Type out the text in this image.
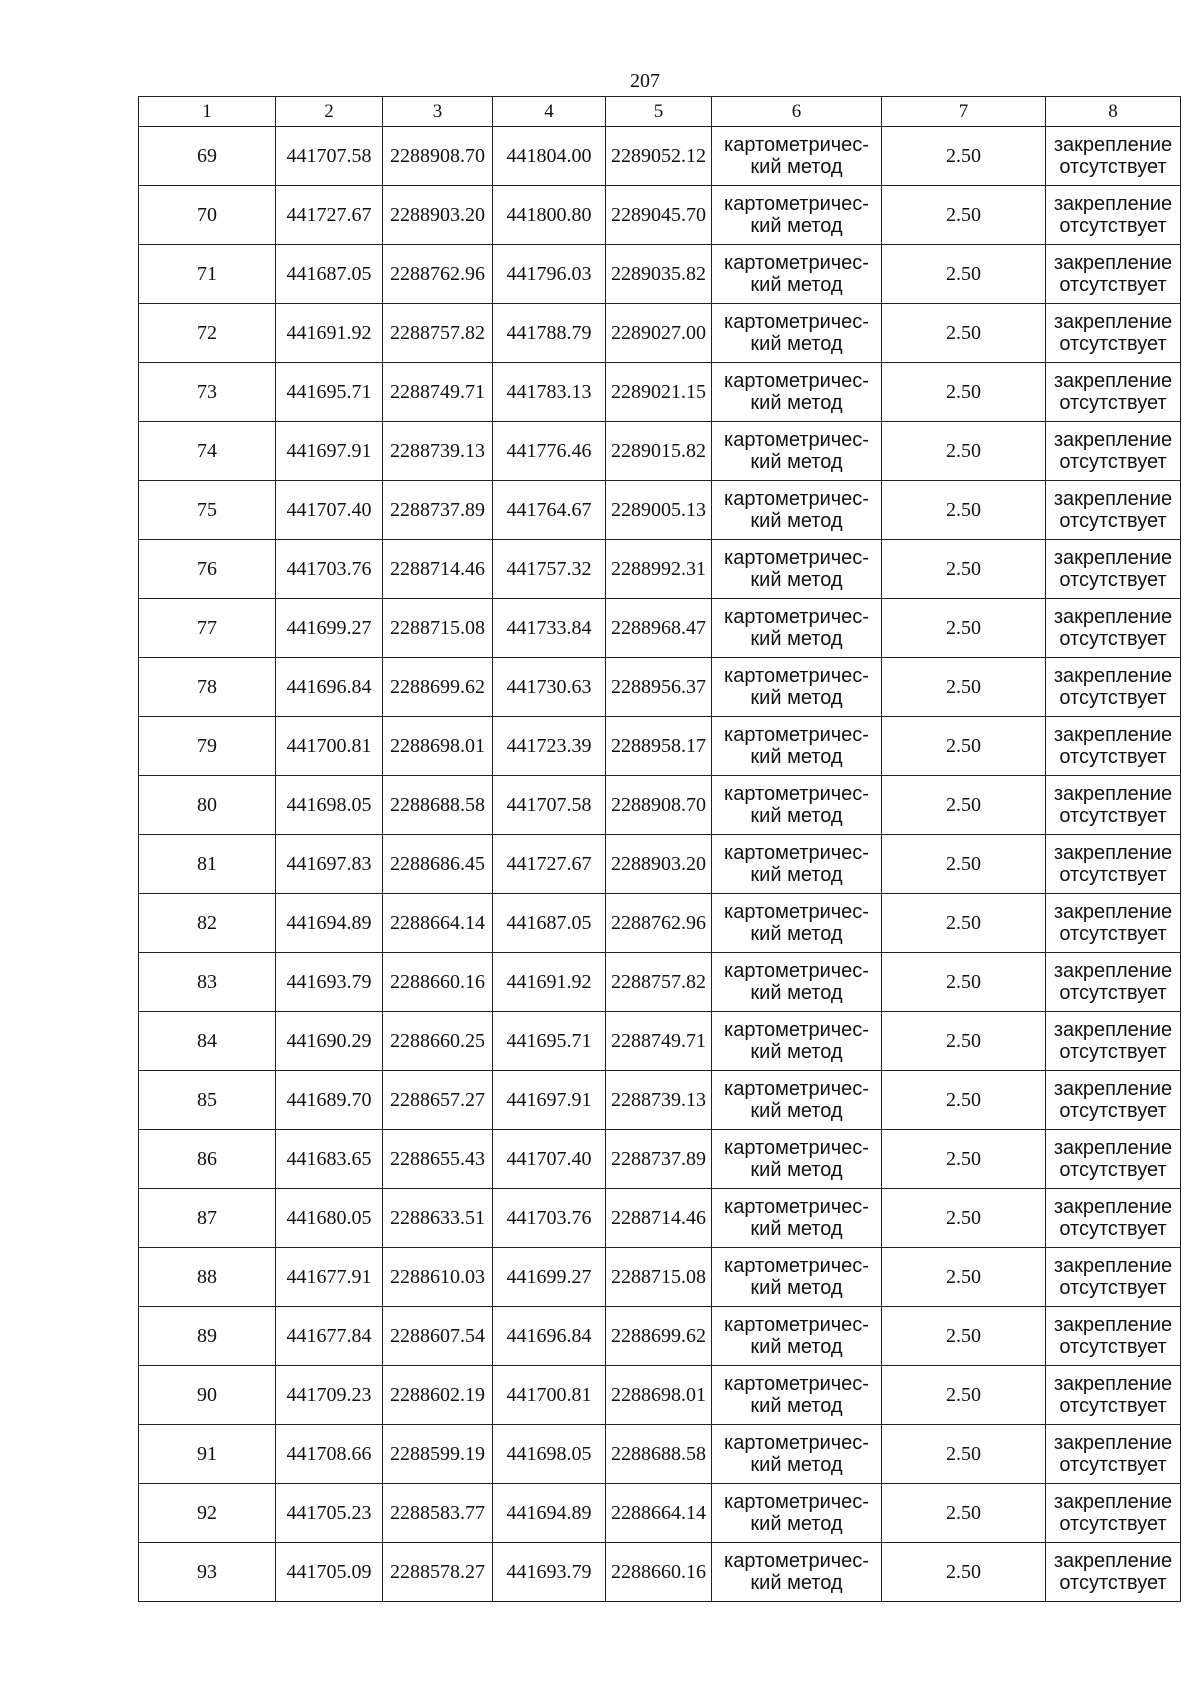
207
1	2	3	4	5	6	7	8
69	441707.58	2288908.70	441804.00	2289052.12	картометричес-
кий метод	2.50	закрепление
отсутствует

70	441727.67	2288903.20	441800.80	2289045.70	картометричес-
кий метод	2.50	закрепление
отсутствует

71	441687.05	2288762.96	441796.03	2289035.82	картометричес-
кий метод	2.50	закрепление
отсутствует

72	441691.92	2288757.82	441788.79	2289027.00	картометричес-
кий метод	2.50	закрепление
отсутствует

73	441695.71	2288749.71	441783.13	2289021.15	картометричес-
кий метод	2.50	закрепление
отсутствует

74	441697.91	2288739.13	441776.46	2289015.82	картометричес-
кий метод	2.50	закрепление
отсутствует

75	441707.40	2288737.89	441764.67	2289005.13	картометричес-
кий метод	2.50	закрепление
отсутствует

76	441703.76	2288714.46	441757.32	2288992.31	картометричес-
кий метод	2.50	закрепление
отсутствует

77	441699.27	2288715.08	441733.84	2288968.47	картометричес-
кий метод	2.50	закрепление
отсутствует

78	441696.84	2288699.62	441730.63	2288956.37	картометричес-
кий метод	2.50	закрепление
отсутствует

79	441700.81	2288698.01	441723.39	2288958.17	картометричес-
кий метод	2.50	закрепление
отсутствует

80	441698.05	2288688.58	441707.58	2288908.70	картометричес-
кий метод	2.50	закрепление
отсутствует

81	441697.83	2288686.45	441727.67	2288903.20	картометричес-
кий метод	2.50	закрепление
отсутствует

82	441694.89	2288664.14	441687.05	2288762.96	картометричес-
кий метод	2.50	закрепление
отсутствует

83	441693.79	2288660.16	441691.92	2288757.82	картометричес-
кий метод	2.50	закрепление
отсутствует

84	441690.29	2288660.25	441695.71	2288749.71	картометричес-
кий метод	2.50	закрепление
отсутствует

85	441689.70	2288657.27	441697.91	2288739.13	картометричес-
кий метод	2.50	закрепление
отсутствует

86	441683.65	2288655.43	441707.40	2288737.89	картометричес-
кий метод	2.50	закрепление
отсутствует

87	441680.05	2288633.51	441703.76	2288714.46	картометричес-
кий метод	2.50	закрепление
отсутствует

88	441677.91	2288610.03	441699.27	2288715.08	картометричес-
кий метод	2.50	закрепление
отсутствует

89	441677.84	2288607.54	441696.84	2288699.62	картометричес-
кий метод	2.50	закрепление
отсутствует

90	441709.23	2288602.19	441700.81	2288698.01	картометричес-
кий метод	2.50	закрепление
отсутствует

91	441708.66	2288599.19	441698.05	2288688.58	картометричес-
кий метод	2.50	закрепление
отсутствует

92	441705.23	2288583.77	441694.89	2288664.14	картометричес-
кий метод	2.50	закрепление
отсутствует

93	441705.09	2288578.27	441693.79	2288660.16	картометричес-
кий метод	2.50	закрепление
отсутствует
